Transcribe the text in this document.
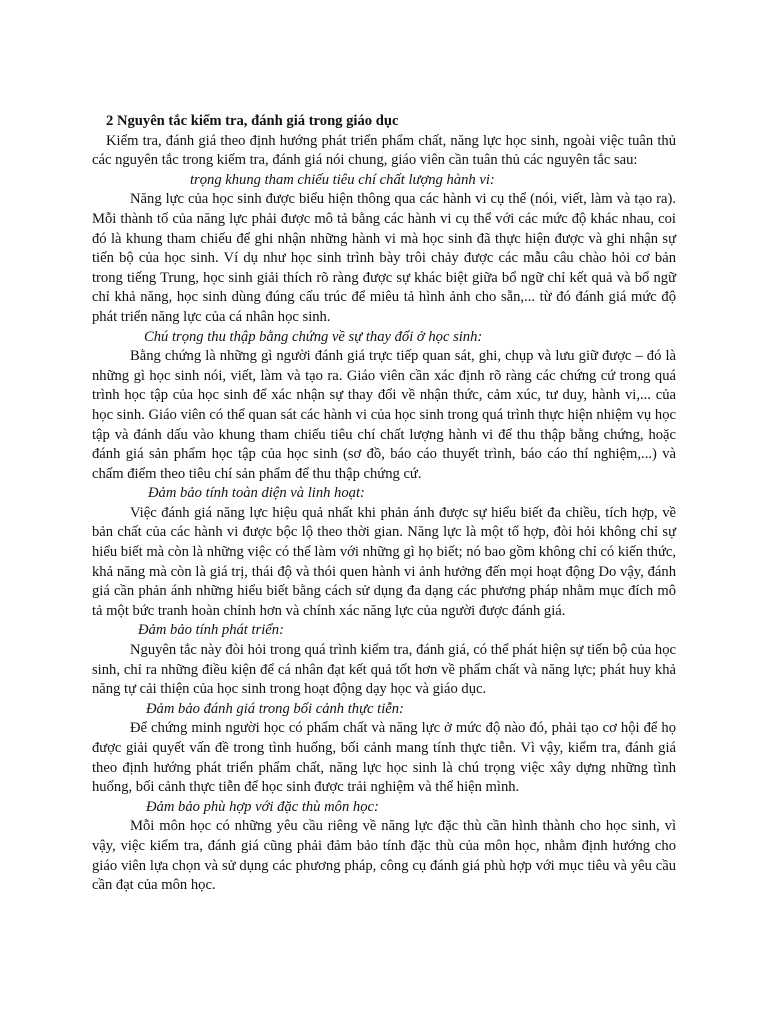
2 Nguyên tắc kiểm tra, đánh giá trong giáo dục

Kiểm tra, đánh giá theo định hướng phát triển phẩm chất, năng lực học sinh, ngoài việc tuân thủ các nguyên tắc trong kiểm tra, đánh giá nói chung, giáo viên cần tuân thủ các nguyên tắc sau:

trọng khung tham chiếu tiêu chí chất lượng hành vi:

Năng lực của học sinh được biểu hiện thông qua các hành vi cụ thể (nói, viết, làm và tạo ra). Mỗi thành tố của năng lực phải được mô tả bằng các hành vi cụ thể với các mức độ khác nhau, coi đó là khung tham chiếu để ghi nhận những hành vi mà học sinh đã thực hiện được và ghi nhận sự tiến bộ của học sinh. Ví dụ như học sinh trình bày trôi chảy được các mẫu câu chào hỏi cơ bản trong tiếng Trung, học sinh giải thích rõ ràng được sự khác biệt giữa bổ ngữ chỉ kết quả và bổ ngữ chỉ khả năng, học sinh dùng đúng cấu trúc để miêu tả hình ảnh cho sẵn,... từ đó đánh giá mức độ phát triển năng lực của cá nhân học sinh.

Chú trọng thu thập bằng chứng về sự thay đổi ở học sinh:

Bằng chứng là những gì người đánh giá trực tiếp quan sát, ghi, chụp và lưu giữ được – đó là những gì học sinh nói, viết, làm và tạo ra. Giáo viên cần xác định rõ ràng các chứng cứ trong quá trình học tập của học sinh để xác nhận sự thay đổi về nhận thức, cảm xúc, tư duy, hành vi,... của học sinh. Giáo viên có thể quan sát các hành vi của học sinh trong quá trình thực hiện nhiệm vụ học tập và đánh dấu vào khung tham chiếu tiêu chí chất lượng hành vi để thu thập bằng chứng, hoặc đánh giá sản phẩm học tập của học sinh (sơ đồ, báo cáo thuyết trình, báo cáo thí nghiệm,...) và chấm điểm theo tiêu chí sản phẩm để thu thập chứng cứ.

Đảm bảo tính toàn diện và linh hoạt:

Việc đánh giá năng lực hiệu quả nhất khi phản ánh được sự hiểu biết đa chiều, tích hợp, về bản chất của các hành vi được bộc lộ theo thời gian. Năng lực là một tổ hợp, đòi hỏi không chỉ sự hiểu biết mà còn là những việc có thể làm với những gì họ biết; nó bao gồm không chỉ có kiến thức, khả năng mà còn là giá trị, thái độ và thói quen hành vi ảnh hưởng đến mọi hoạt động Do vậy, đánh giá cần phản ánh những hiểu biết bằng cách sử dụng đa dạng các phương pháp nhằm mục đích mô tả một bức tranh hoàn chỉnh hơn và chính xác năng lực của người được đánh giá.

Đảm bảo tính phát triển:

Nguyên tắc này đòi hỏi trong quá trình kiểm tra, đánh giá, có thể phát hiện sự tiến bộ của học sinh, chỉ ra những điều kiện để cá nhân đạt kết quả tốt hơn về phẩm chất và năng lực; phát huy khả năng tự cải thiện của học sinh trong hoạt động dạy học và giáo dục.

Đảm bảo đánh giá trong bối cảnh thực tiễn:

Để chứng minh người học có phẩm chất và năng lực ở mức độ nào đó, phải tạo cơ hội để họ được giải quyết vấn đề trong tình huống, bối cảnh mang tính thực tiễn. Vì vậy, kiểm tra, đánh giá theo định hướng phát triển phẩm chất, năng lực học sinh là chú trọng việc xây dựng những tình huống, bối cảnh thực tiễn để học sinh được trải nghiệm và thể hiện mình.

Đảm bảo phù hợp với đặc thù môn học:

Mỗi môn học có những yêu cầu riêng về năng lực đặc thù cần hình thành cho học sinh, vì vậy, việc kiểm tra, đánh giá cũng phải đảm bảo tính đặc thù của môn học, nhằm định hướng cho giáo viên lựa chọn và sử dụng các phương pháp, công cụ đánh giá phù hợp với mục tiêu và yêu cầu cần đạt của môn học.
